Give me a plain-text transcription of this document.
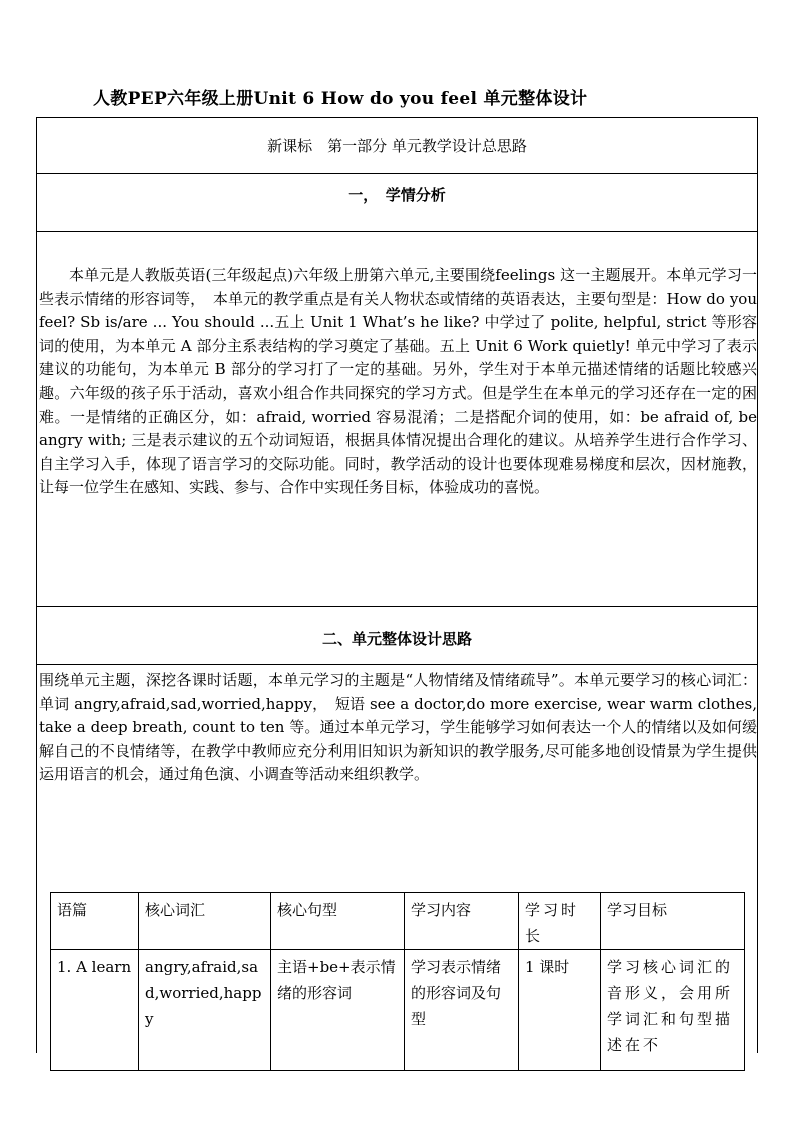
人教PEP六年级上册Unit 6 How do you feel 单元整体设计
新课标　第一部分 单元教学设计总思路
一，　学情分析
本单元是人教版英语(三年级起点)六年级上册第六单元,主要围绕feelings 这一主题展开。本单元学习一些表示情绪的形容词等，　本单元的教学重点是有关人物状态或情绪的英语表达，主要句型是：How do you feel? Sb is/are ... You should ...五上 Unit 1 What’s he like? 中学过了 polite, helpful, strict 等形容词的使用，为本单元 A 部分主系表结构的学习奠定了基础。五上 Unit 6 Work quietly! 单元中学习了表示建议的功能句，为本单元 B 部分的学习打了一定的基础。另外，学生对于本单元描述情绪的话题比较感兴趣。六年级的孩子乐于活动，喜欢小组合作共同探究的学习方式。但是学生在本单元的学习还存在一定的困难。一是情绪的正确区分，如：afraid, worried 容易混淆；二是搭配介词的使用，如：be afraid of, be angry with; 三是表示建议的五个动词短语，根据具体情况提出合理化的建议。从培养学生进行合作学习、自主学习入手，体现了语言学习的交际功能。同时，教学活动的设计也要体现难易梯度和层次，因材施教，让每一位学生在感知、实践、参与、合作中实现任务目标，体验成功的喜悦。
二、单元整体设计思路
围绕单元主题，深挖各课时话题，本单元学习的主题是“人物情绪及情绪疏导”。本单元要学习的核心词汇：单词 angry,afraid,sad,worried,happy，　短语 see a doctor,do more exercise, wear warm clothes, take a deep breath, count to ten 等。通过本单元学习，学生能够学习如何表达一个人的情绪以及如何缓解自己的不良情绪等，在教学中教师应充分利用旧知识为新知识的教学服务,尽可能多地创设情景为学生提供运用语言的机会，通过角色演、小调查等活动来组织教学。
语篇	核心词汇	核心句型	学习内容	学习时长	学习目标
1. A learn	angry,afraid,sad,worried,happy	主语+be+表示情绪的形容词	学习表示情绪的形容词及句型	1 课时	学习核心词汇的音形义，会用所学词汇和句型描述在不
